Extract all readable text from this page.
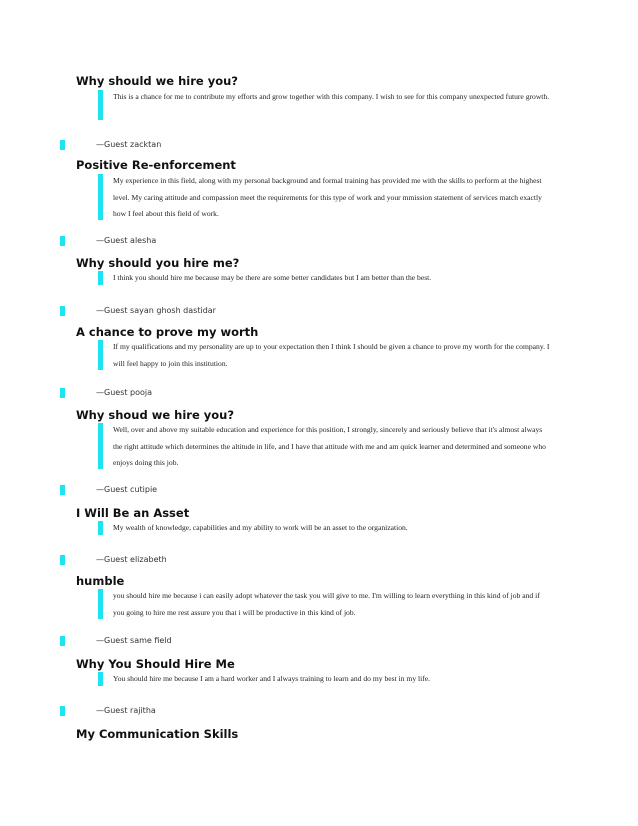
Why should we hire you?
This is a chance for me to contribute my efforts and grow together with this company. I wish to see for this company unexpected future growth.
—Guest zacktan
Positive Re-enforcement
My experience in this field, along with my personal background and formal training has provided me with the skills to perform at the highest level. My caring attitude and compassion meet the requirements for this type of work and your mmission statement of services match exactly how I feel about this field of work.
—Guest alesha
Why should you hire me?
I think you should hire me because may be there are some better candidates but I am better than the best.
—Guest sayan ghosh dastidar
A chance to prove my worth
If my qualifications and my personality are up to your expectation then I think I should be given a chance to prove my worth for the company. I will feel happy to join this institution.
—Guest pooja
Why shoud we hire you?
Well, over and above my suitable education and experience for this position, I strongly, sincerely and seriously believe that it's almost always the right attitude which determines the altitude in life, and I have that attitude with me and am quick learner and determined and someone who enjoys doing this job.
—Guest cutipie
I Will Be an Asset
My wealth of knowledge, capabilities and my ability to work will be an asset to the organization.
—Guest elizabeth
humble
you should hire me because i can easily adopt whatever the task you will give to me. I'm willing to learn everything in this kind of job and if you going to hire me rest assure you that i will be productive in this kind of job.
—Guest same field
Why You Should Hire Me
You should hire me because I am a hard worker and I always training to learn and do my best in my life.
—Guest rajitha
My Communication Skills
